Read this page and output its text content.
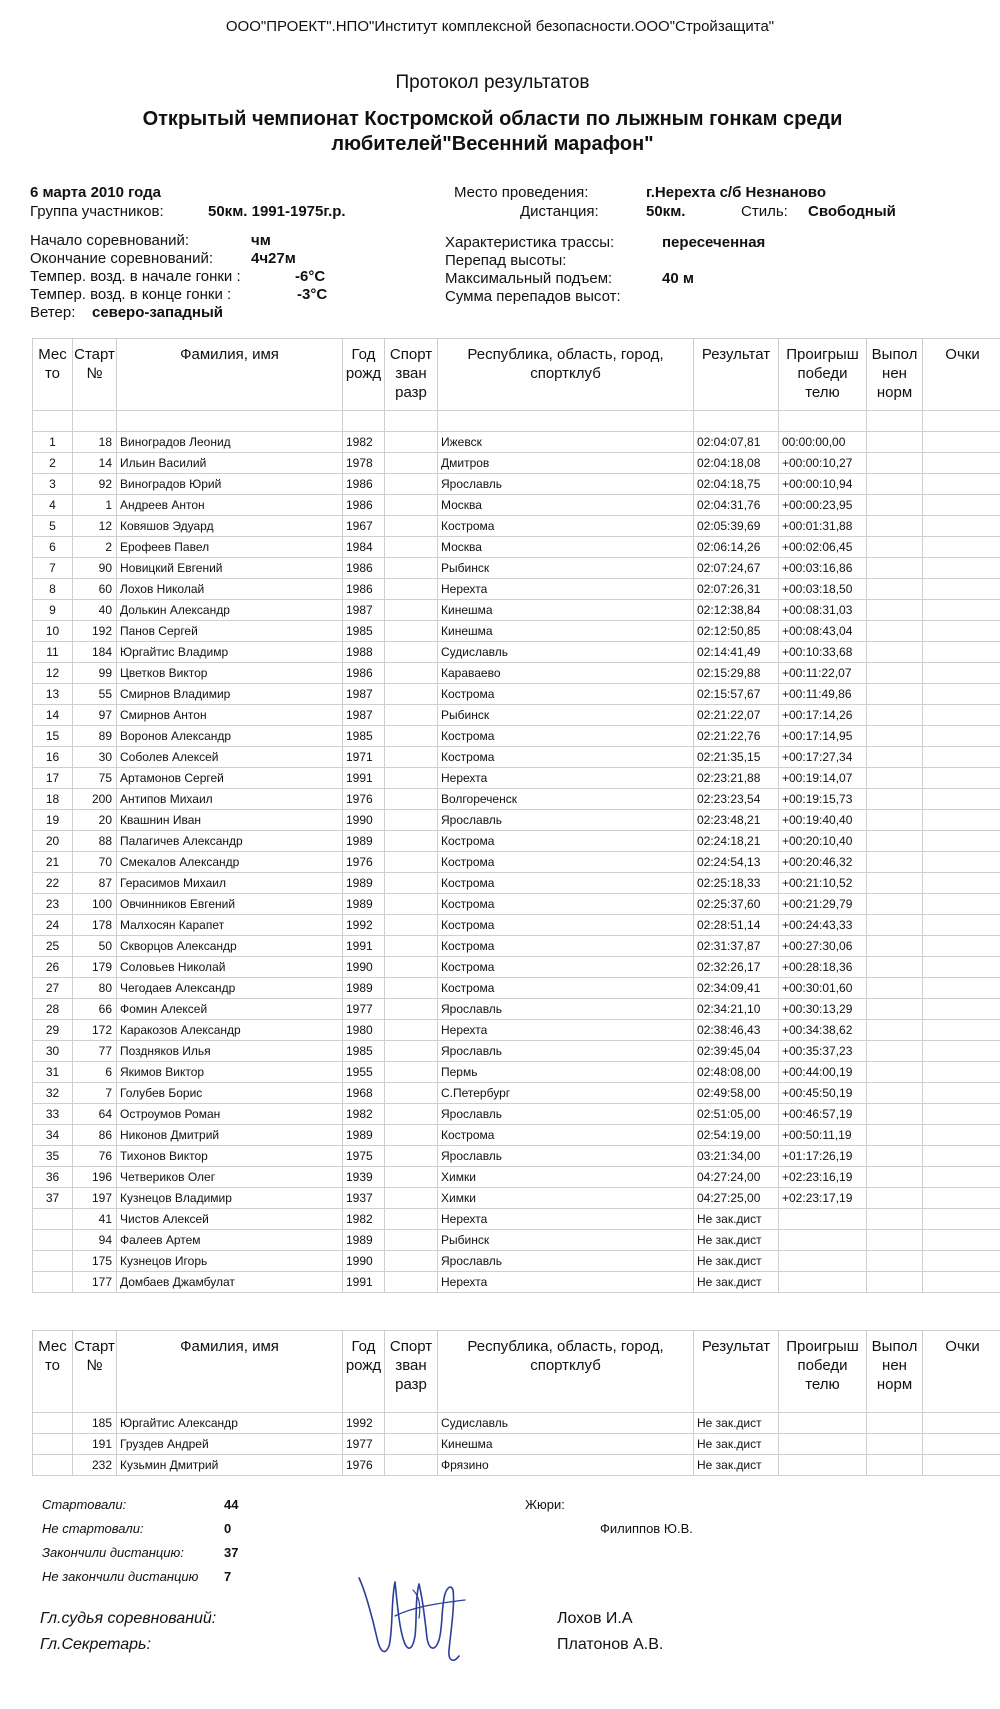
ООО"ПРОЕКТ".НПО"Институт комплексной безопасности.ООО"Стройзащита"
Протокол результатов
Открытый чемпионат Костромской области по лыжным гонкам среди
любителей"Весенний марафон"
6 марта 2010 года
Группа участников:	50км. 1991-1975г.р.
Начало соревнований:	чм
Окончание соревнований:	4ч27м
Темпер. возд. в начале гонки :	-6°С
Темпер. возд. в конце гонки :	-3°С
Ветер: северо-западный
Место проведения:	г.Нерехта с/б Незнаново
Дистанция:	50км.	Стиль: Свободный
Характеристика трассы:	пересеченная
Перепад высоты:
Максимальный подъем:	40 м
Сумма перепадов высот:
Мес то	Старт №	Фамилия, имя	Год рожд	Спорт зван разр	Республика, область, город, спортклуб	Результат	Проигрыш победи телю	Выпол нен норм	Очки

1	18	Виноградов Леонид	1982		Ижевск	02:04:07,81	00:00:00,00		
2	14	Ильин Василий	1978		Дмитров	02:04:18,08	+00:00:10,27		
3	92	Виноградов Юрий	1986		Ярославль	02:04:18,75	+00:00:10,94		
4	1	Андреев Антон	1986		Москва	02:04:31,76	+00:00:23,95		
5	12	Ковяшов Эдуард	1967		Кострома	02:05:39,69	+00:01:31,88		
6	2	Ерофеев Павел	1984		Москва	02:06:14,26	+00:02:06,45		
7	90	Новицкий Евгений	1986		Рыбинск	02:07:24,67	+00:03:16,86		
8	60	Лохов Николай	1986		Нерехта	02:07:26,31	+00:03:18,50		
9	40	Долькин Александр	1987		Кинешма	02:12:38,84	+00:08:31,03		
10	192	Панов Сергей	1985		Кинешма	02:12:50,85	+00:08:43,04		
11	184	Юргайтис Владимр	1988		Судиславль	02:14:41,49	+00:10:33,68		
12	99	Цветков Виктор	1986		Караваево	02:15:29,88	+00:11:22,07		
13	55	Смирнов Владимир	1987		Кострома	02:15:57,67	+00:11:49,86		
14	97	Смирнов Антон	1987		Рыбинск	02:21:22,07	+00:17:14,26		
15	89	Воронов Александр	1985		Кострома	02:21:22,76	+00:17:14,95		
16	30	Соболев Алексей	1971		Кострома	02:21:35,15	+00:17:27,34		
17	75	Артамонов Сергей	1991		Нерехта	02:23:21,88	+00:19:14,07		
18	200	Антипов Михаил	1976		Волгореченск	02:23:23,54	+00:19:15,73		
19	20	Квашнин Иван	1990		Ярославль	02:23:48,21	+00:19:40,40		
20	88	Палагичев Александр	1989		Кострома	02:24:18,21	+00:20:10,40		
21	70	Смекалов Александр	1976		Кострома	02:24:54,13	+00:20:46,32		
22	87	Герасимов Михаил	1989		Кострома	02:25:18,33	+00:21:10,52		
23	100	Овчинников Евгений	1989		Кострома	02:25:37,60	+00:21:29,79		
24	178	Малхосян Карапет	1992		Кострома	02:28:51,14	+00:24:43,33		
25	50	Скворцов Александр	1991		Кострома	02:31:37,87	+00:27:30,06		
26	179	Соловьев Николай	1990		Кострома	02:32:26,17	+00:28:18,36		
27	80	Чегодаев Александр	1989		Кострома	02:34:09,41	+00:30:01,60		
28	66	Фомин Алексей	1977		Ярославль	02:34:21,10	+00:30:13,29		
29	172	Каракозов Александр	1980		Нерехта	02:38:46,43	+00:34:38,62		
30	77	Поздняков Илья	1985		Ярославль	02:39:45,04	+00:35:37,23		
31	6	Якимов Виктор	1955		Пермь	02:48:08,00	+00:44:00,19		
32	7	Голубев Борис	1968		С.Петербург	02:49:58,00	+00:45:50,19		
33	64	Остроумов Роман	1982		Ярославль	02:51:05,00	+00:46:57,19		
34	86	Никонов Дмитрий	1989		Кострома	02:54:19,00	+00:50:11,19		
35	76	Тихонов Виктор	1975		Ярославль	03:21:34,00	+01:17:26,19		
36	196	Четвериков Олег	1939		Химки	04:27:24,00	+02:23:16,19		
37	197	Кузнецов Владимир	1937		Химки	04:27:25,00	+02:23:17,19		
	41	Чистов Алексей	1982		Нерехта	Не зак.дист			
	94	Фалеев Артем	1989		Рыбинск	Не зак.дист			
	175	Кузнецов Игорь	1990		Ярославль	Не зак.дист			
	177	Домбаев Джамбулат	1991		Нерехта	Не зак.дист			
Мес то	Старт №	Фамилия, имя	Год рожд	Спорт зван разр	Республика, область, город, спортклуб	Результат	Проигрыш победи телю	Выпол нен норм	Очки
	185	Юргайтис Александр	1992		Судиславль	Не зак.дист			
	191	Груздев Андрей	1977		Кинешма	Не зак.дист			
	232	Кузьмин Дмитрий	1976		Фрязино	Не зак.дист			
Стартовали:	44
Не стартовали:	0
Закончили дистанцию:	37
Не закончили дистанцию 7
Жюри:
Филиппов Ю.В.
Гл.судья соревнований:	Лохов И.А
Гл.Секретарь:	Платонов А.В.
